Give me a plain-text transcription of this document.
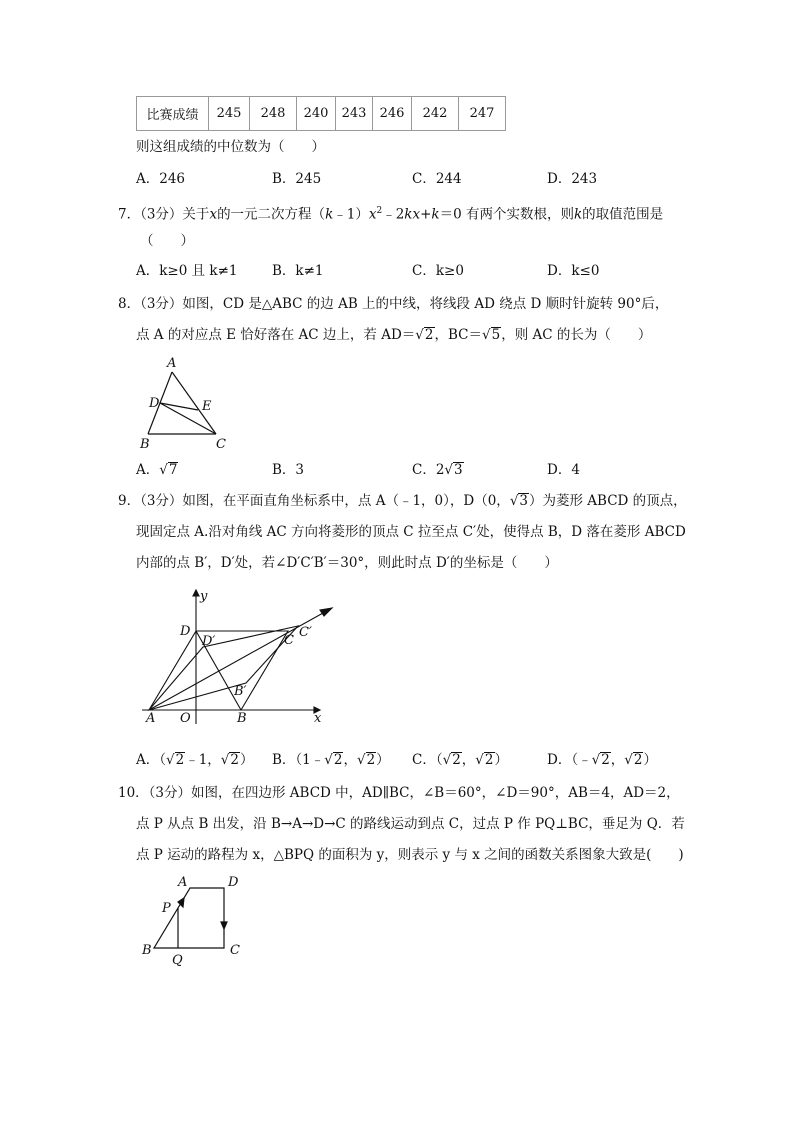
比赛成绩	245	248	240	243	246	242	247
则这组成绩的中位数为（　　）
A．246	B．245	C．244	D．243
7．（3分）关于x的一元二次方程$(k﹣1)x^2﹣2kx+k=0$ 有两个实数根，则k的取值范围是
（　　）
A．k≥0 且 k≠1	B．k≠1	C．k≥0	D．k≤0
8．（3分）如图，CD 是△ABC 的边 AB 上的中线，将线段 AD 绕点 D 顺时针旋转 90°后，
点 A 的对应点 E 恰好落在 AC 边上，若 AD＝√2，BC＝√5，则 AC 的长为（　　）
A
D	E
B	C
A．√7	B．3	C．2√3	D．4
9．（3分）如图，在平面直角坐标系中，点 A（﹣1，0），D（0，√3）为菱形 ABCD 的顶点，
现固定点 A.沿对角线 AC 方向将菱形的顶点 C 拉至点 C′处，使得点 B，D 落在菱形 ABCD
内部的点 B′，D′处，若∠D′C′B′＝30°，则此时点 D′的坐标是（　　）
y
D
D′
C′
C
B′
A O	B	x
A．（√2﹣1，√2） B．（1﹣√2，√2） C．（√2，√2）	D．（﹣√2，√2）
10．（3分）如图，在四边形 ABCD 中，AD∥BC，∠B＝60°，∠D＝90°，AB＝4，AD＝2，
点 P 从点 B 出发，沿 B→A→D→C 的路线运动到点 C，过点 P 作 PQ⊥BC，垂足为 Q．若
点 P 运动的路程为 x，△BPQ 的面积为 y，则表示 y 与 x 之间的函数关系图象大致是(　　)
A	D
P
B
Q
C
